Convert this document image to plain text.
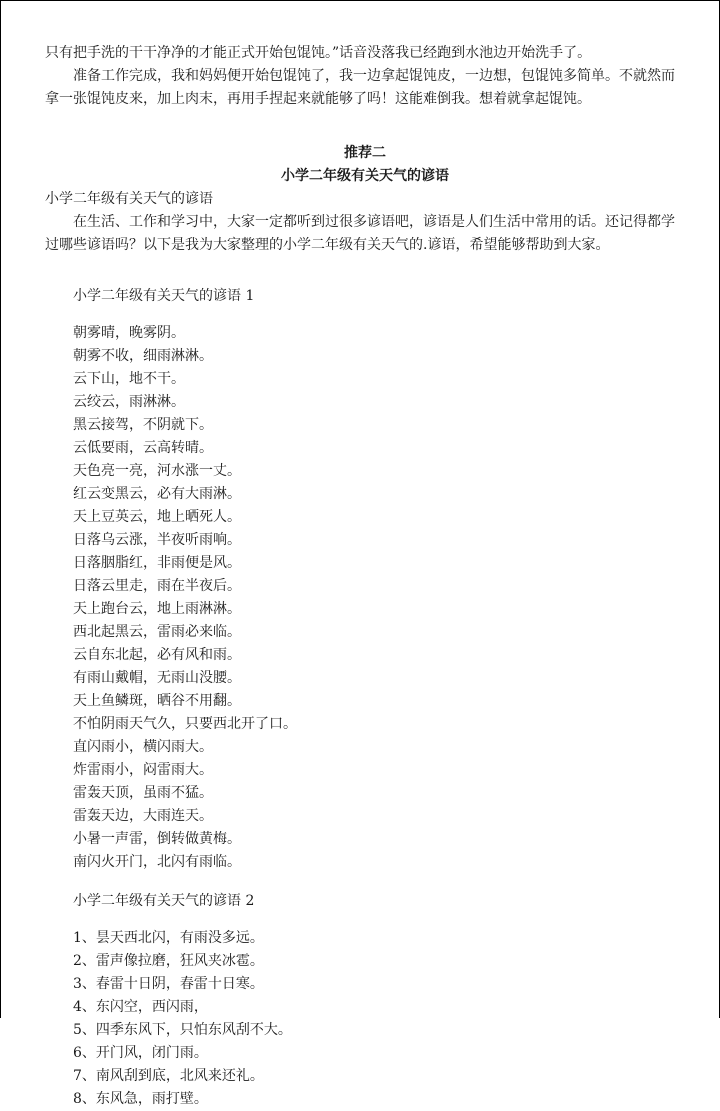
只有把手洗的干干净净的才能正式开始包馄饨。”话音没落我已经跑到水池边开始洗手了。

准备工作完成，我和妈妈便开始包馄饨了，我一边拿起馄饨皮，一边想，包馄饨多简单。不就然而拿一张馄饨皮来，加上肉末，再用手捏起来就能够了吗！这能难倒我。想着就拿起馄饨。

推荐二

小学二年级有关天气的谚语

小学二年级有关天气的谚语

在生活、工作和学习中，大家一定都听到过很多谚语吧，谚语是人们生活中常用的话。还记得都学过哪些谚语吗？以下是我为大家整理的小学二年级有关天气的.谚语，希望能够帮助到大家。

小学二年级有关天气的谚语 1

朝雾晴，晚雾阴。

朝雾不收，细雨淋淋。

云下山，地不干。

云绞云，雨淋淋。

黑云接驾，不阴就下。

云低要雨，云高转晴。

天色亮一亮，河水涨一丈。

红云变黑云，必有大雨淋。

天上豆英云，地上晒死人。

日落乌云涨，半夜听雨响。

日落胭脂红，非雨便是风。

日落云里走，雨在半夜后。

天上跑台云，地上雨淋淋。

西北起黑云，雷雨必来临。

云自东北起，必有风和雨。

有雨山戴帽，无雨山没腰。

天上鱼鳞斑，晒谷不用翻。

不怕阴雨天气久，只要西北开了口。

直闪雨小，横闪雨大。

炸雷雨小，闷雷雨大。

雷轰天顶，虽雨不猛。

雷轰天边，大雨连天。

小暑一声雷，倒转做黄梅。

南闪火开门，北闪有雨临。

小学二年级有关天气的谚语 2

1、昙天西北闪，有雨没多远。

2、雷声像拉磨，狂风夹冰雹。

3、春雷十日阴，春雷十日寒。

4、东闪空，西闪雨，

5、四季东风下，只怕东风刮不大。

6、开门风，闭门雨。

7、南风刮到底，北风来还礼。

8、东风急，雨打壁。
